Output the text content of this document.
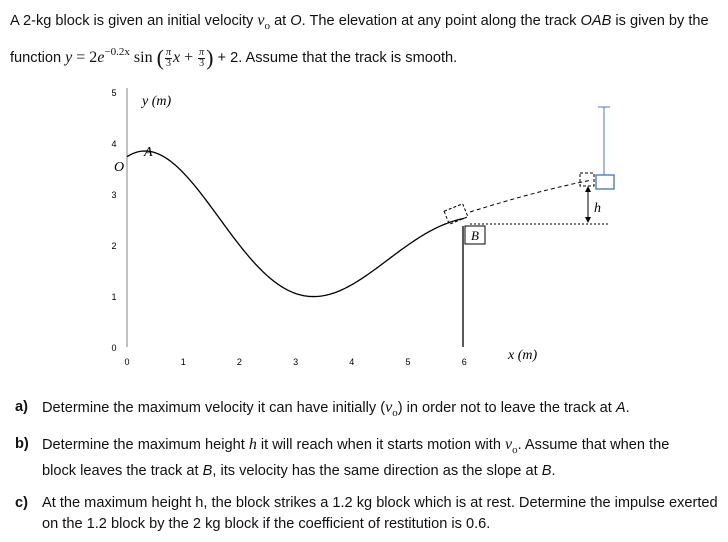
A 2-kg block is given an initial velocity $v_o$ at O. The elevation at any point along the track OAB is given by the
function $y = 2e^{-0.2x}$ sin ( $\frac{\pi}{3}$ $x + \frac{\pi}{3}$ ) + 2. Assume that the track is smooth.
0
1
2
3
4
5
0	1	2	3	4	5	6
y (m)
x (m)
O
A
B
h
a) Determine the maximum velocity it can have initially $(v_o)$ in order not to leave the track at A.
b) Determine the maximum height h it will reach when it starts motion with $v_o$. Assume that when the
block leaves the track at B, its velocity has the same direction as the slope at B.
c) At the maximum height h, the block strikes a 1.2 kg block which is at rest. Determine the impulse exerted
on the 1.2 block by the 2 kg block if the coefficient of restitution is 0.6.
